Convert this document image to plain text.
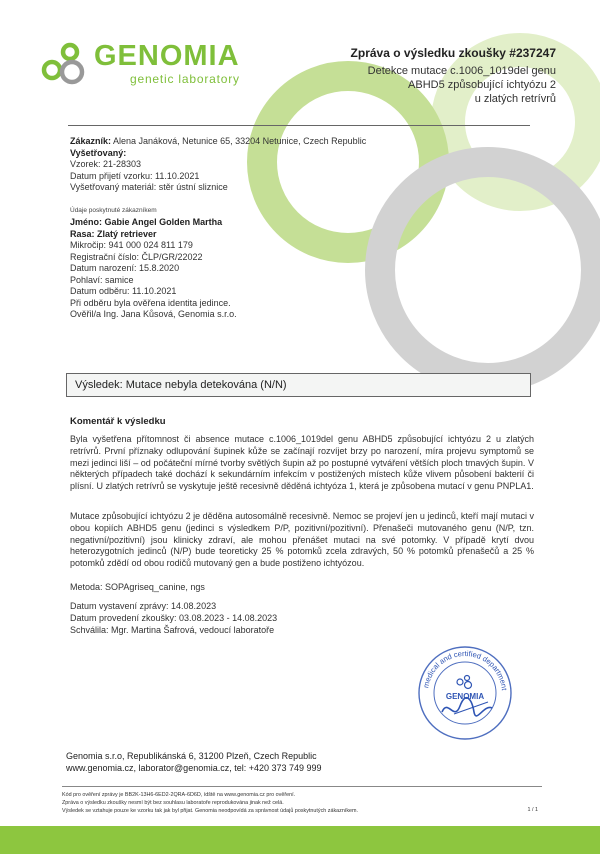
GENOMIA
genetic laboratory
Zpráva o výsledku zkoušky #237247
Detekce mutace c.1006_1019del genu
ABHD5 způsobující ichtyózu 2
u zlatých retrívrů
Zákazník: Alena Janáková, Netunice 65, 33204 Netunice, Czech Republic
Vyšetřovaný:
Vzorek: 21-28303
Datum přijetí vzorku: 11.10.2021
Vyšetřovaný materiál: stěr ústní sliznice
Údaje poskytnuté zákazníkem
Jméno: Gabie Angel Golden Martha
Rasa: Zlatý retriever
Mikročip: 941 000 024 811 179
Registrační číslo: ČLP/GR/22022
Datum narození: 15.8.2020
Pohlaví: samice
Datum odběru: 11.10.2021
Při odběru byla ověřena identita jedince.
Ověřil/a Ing. Jana Kůsová, Genomia s.r.o.
Výsledek: Mutace nebyla detekována (N/N)
Komentář k výsledku
Byla vyšetřena přítomnost či absence mutace c.1006_1019del genu ABHD5 způsobující ichtyózu 2 u zlatých retrívrů. První příznaky odlupování šupinek kůže se začínají rozvíjet brzy po narození, míra projevu symptomů se mezi jedinci liší – od počáteční mírné tvorby světlých šupin až po postupné vytváření větších ploch tmavých šupin. V některých případech také dochází k sekundárním infekcím v postižených místech kůže vlivem působení bakterií či plísní. U zlatých retrívrů se vyskytuje ještě recesivně děděná ichtyóza 1, která je způsobena mutací v genu PNPLA1.
Mutace způsobující ichtyózu 2 je děděna autosomálně recesivně. Nemoc se projeví jen u jedinců, kteří mají mutaci v obou kopiích ABHD5 genu (jedinci s výsledkem P/P, pozitivní/pozitivní). Přenašeči mutovaného genu (N/P, tzn. negativní/pozitivní) jsou klinicky zdraví, ale mohou přenášet mutaci na své potomky. V případě krytí dvou heterozygotních jedinců (N/P) bude teoreticky 25 % potomků zcela zdravých, 50 % potomků přenašečů a 25 % potomků zdědí od obou rodičů mutovaný gen a bude postiženo ichtyózou.
Metoda: SOPAgriseq_canine, ngs
Datum vystavení zprávy: 14.08.2023
Datum provedení zkoušky: 03.08.2023 - 14.08.2023
Schválila: Mgr. Martina Šafrová, vedoucí laboratoře
medical and certified department
GENOMIA
Genomia s.r.o, Republikánská 6, 31200 Plzeň, Czech Republic
www.genomia.cz, laborator@genomia.cz, tel: +420 373 749 999
Kód pro ověření zprávy je BB2K-13H6-6ED2-2QRA-6D6D, ídště na www.genomia.cz pro ověření.
Zpráva o výsledku zkoušky nesmí být bez souhlasu laboratoře reprodukována jinak než celá.
Výsledek se vztahuje pouze ke vzorku tak jak byl přijat. Genomia neodpovídá za správnost údajů poskytnutých zákazníkem.	1 / 1
